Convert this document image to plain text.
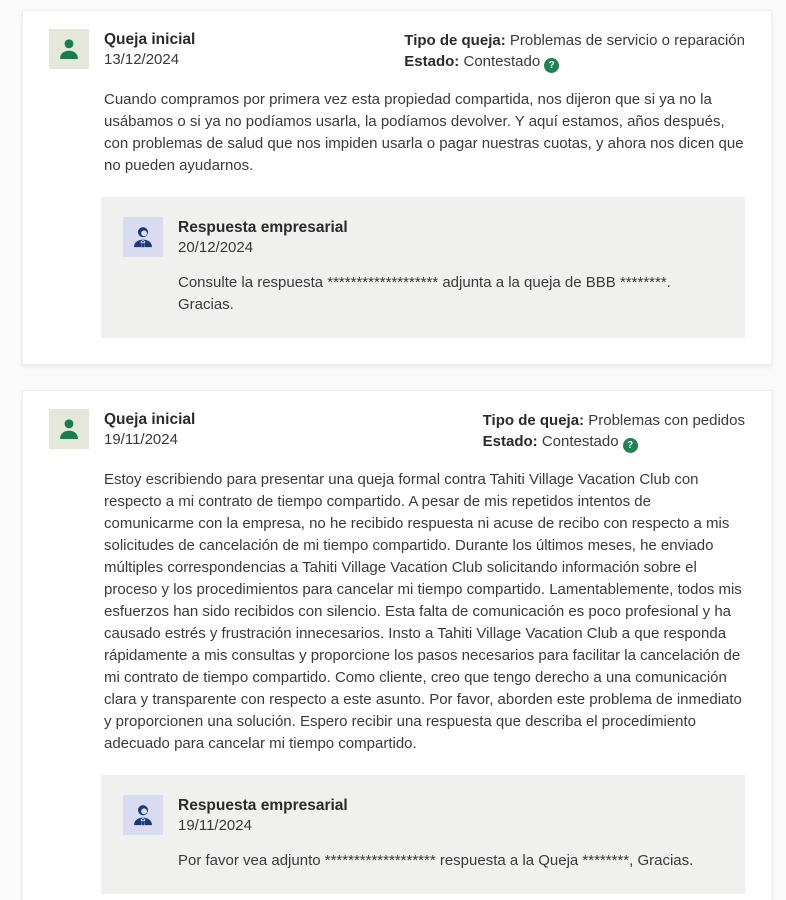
Queja inicial
13/12/2024
Tipo de queja: Problemas de servicio o reparación
Estado: Contestado ?

Cuando compramos por primera vez esta propiedad compartida, nos dijeron que si ya no la usábamos o si ya no podíamos usarla, la podíamos devolver. Y aquí estamos, años después, con problemas de salud que nos impiden usarla o pagar nuestras cuotas, y ahora nos dicen que no pueden ayudarnos.

Respuesta empresarial
20/12/2024

Consulte la respuesta ******************* adjunta a la queja de BBB ********. Gracias.

Queja inicial
19/11/2024
Tipo de queja: Problemas con pedidos
Estado: Contestado ?

Estoy escribiendo para presentar una queja formal contra Tahiti Village Vacation Club con respecto a mi contrato de tiempo compartido. A pesar de mis repetidos intentos de comunicarme con la empresa, no he recibido respuesta ni acuse de recibo con respecto a mis solicitudes de cancelación de mi tiempo compartido. Durante los últimos meses, he enviado múltiples correspondencias a Tahiti Village Vacation Club solicitando información sobre el proceso y los procedimientos para cancelar mi tiempo compartido. Lamentablemente, todos mis esfuerzos han sido recibidos con silencio. Esta falta de comunicación es poco profesional y ha causado estrés y frustración innecesarios. Insto a Tahiti Village Vacation Club a que responda rápidamente a mis consultas y proporcione los pasos necesarios para facilitar la cancelación de mi contrato de tiempo compartido. Como cliente, creo que tengo derecho a una comunicación clara y transparente con respecto a este asunto. Por favor, aborden este problema de inmediato y proporcionen una solución. Espero recibir una respuesta que describa el procedimiento adecuado para cancelar mi tiempo compartido.

Respuesta empresarial
19/11/2024

Por favor vea adjunto ******************* respuesta a la Queja ********, Gracias.
